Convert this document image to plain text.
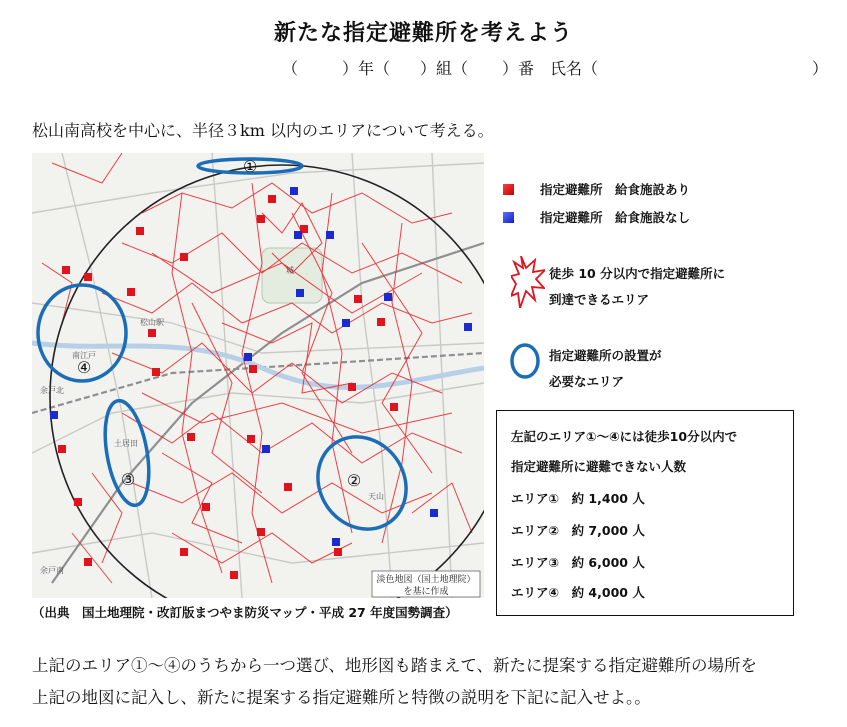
新たな指定避難所を考えよう
（	）年（ ）組（ ）番　氏名（	）
松山南高校を中心に、半径３km 以内のエリアについて考える。
①
②
③
④
松山駅
南江戸
土居田
城
天山
余戸南
余戸北
淡色地図（国土地理院）
を基に作成
（出典　国土地理院・改訂版まつやま防災マップ・平成 27 年度国勢調査）
指定避難所　給食施設あり
指定避難所　給食施設なし
徒歩 10 分以内で指定避難所に
到達できるエリア
指定避難所の設置が
必要なエリア
左記のエリア①～④には徒歩10分以内で
指定避難所に避難できない人数
エリア①　約 1,400 人
エリア②　約 7,000 人
エリア③　約 6,000 人
エリア④　約 4,000 人
上記のエリア①～④のうちから一つ選び、地形図も踏まえて、新たに提案する指定避難所の場所を
上記の地図に記入し、新たに提案する指定避難所と特徴の説明を下記に記入せよ。。
